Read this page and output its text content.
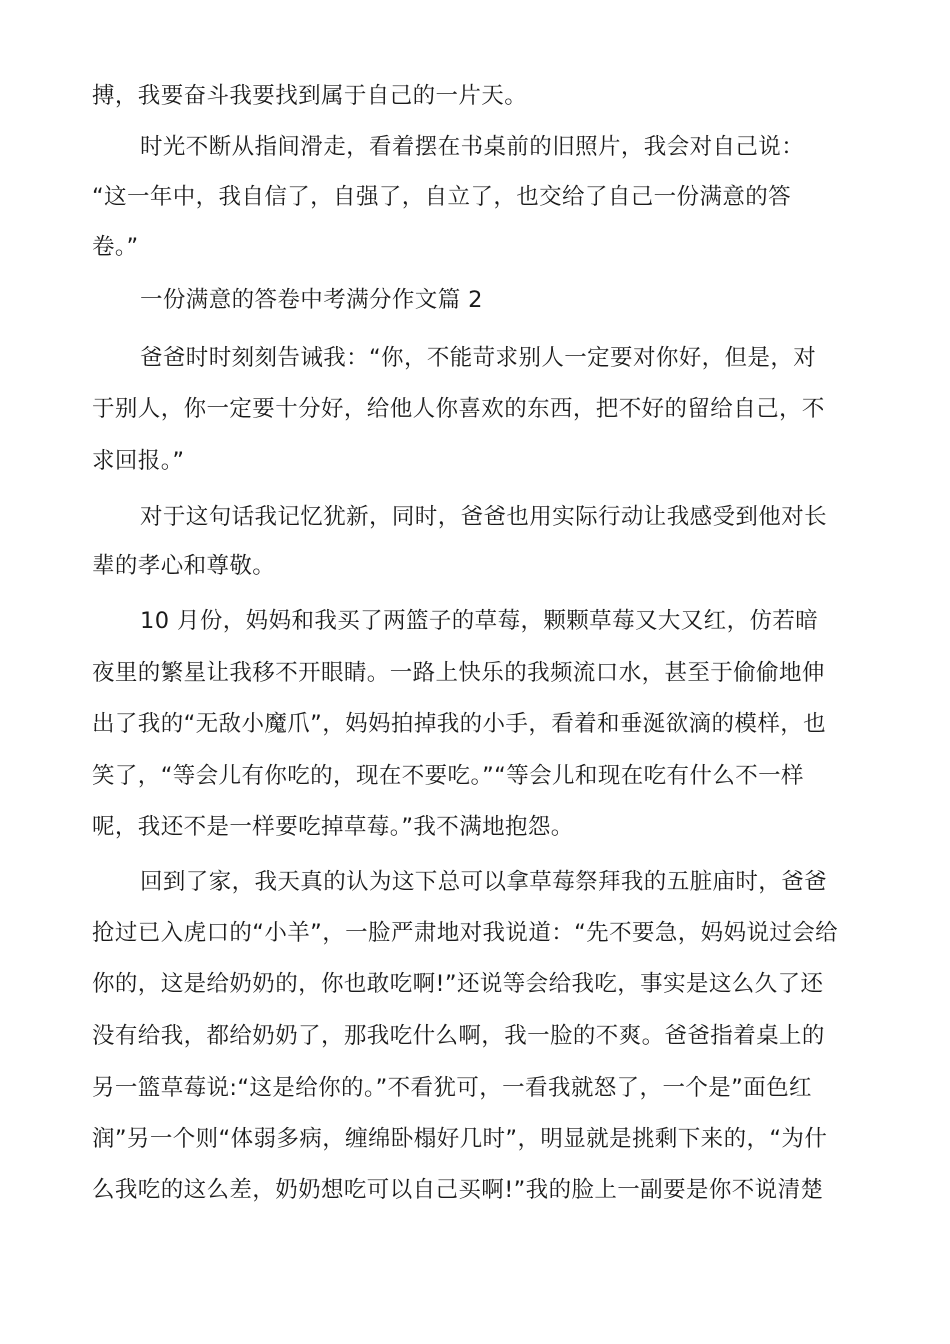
搏，我要奋斗我要找到属于自己的一片天。
时光不断从指间滑走，看着摆在书桌前的旧照片，我会对自己说：
“这一年中，我自信了，自强了，自立了，也交给了自己一份满意的答
卷。”
一份满意的答卷中考满分作文篇 2
爸爸时时刻刻告诫我：“你，不能苛求别人一定要对你好，但是，对
于别人，你一定要十分好，给他人你喜欢的东西，把不好的留给自己，不
求回报。”
对于这句话我记忆犹新，同时，爸爸也用实际行动让我感受到他对长
辈的孝心和尊敬。
10 月份，妈妈和我买了两篮子的草莓，颗颗草莓又大又红，仿若暗
夜里的繁星让我移不开眼睛。一路上快乐的我频流口水，甚至于偷偷地伸
出了我的“无敌小魔爪”，妈妈拍掉我的小手，看着和垂涎欲滴的模样，也
笑了，“等会儿有你吃的，现在不要吃。”“等会儿和现在吃有什么不一样
呢，我还不是一样要吃掉草莓。”我不满地抱怨。
回到了家，我天真的认为这下总可以拿草莓祭拜我的五脏庙时，爸爸
抢过已入虎口的“小羊”，一脸严肃地对我说道：“先不要急，妈妈说过会给
你的，这是给奶奶的，你也敢吃啊!”还说等会给我吃，事实是这么久了还
没有给我，都给奶奶了，那我吃什么啊，我一脸的不爽。爸爸指着桌上的
另一篮草莓说:“这是给你的。”不看犹可，一看我就怒了，一个是”面色红
润”另一个则“体弱多病，缠绵卧榻好几时”，明显就是挑剩下来的，“为什
么我吃的这么差，奶奶想吃可以自己买啊!”我的脸上一副要是你不说清楚
